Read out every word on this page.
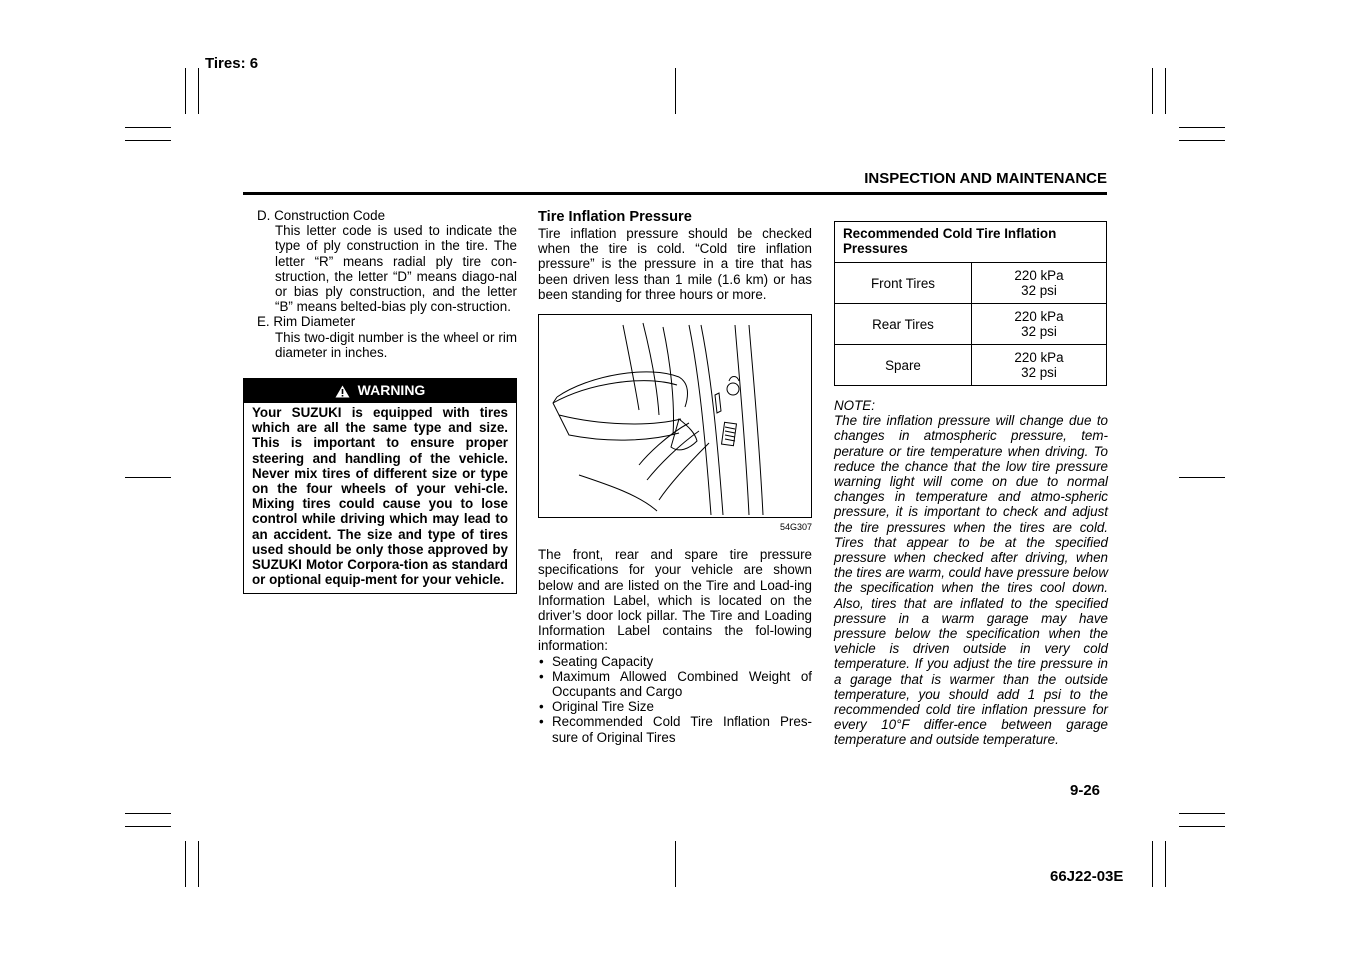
Tires: 6
INSPECTION AND MAINTENANCE
D. Construction Code
This letter code is used to indicate the type of ply construction in the tire. The letter “R” means radial ply tire con-struction, the letter “D” means diago-nal or bias ply construction, and the letter “B” means belted-bias ply con-struction.
E. Rim Diameter
This two-digit number is the wheel or rim diameter in inches.
WARNING
Your SUZUKI is equipped with tires which are all the same type and size. This is important to ensure proper steering and handling of the vehicle. Never mix tires of different size or type on the four wheels of your vehi-cle. Mixing tires could cause you to lose control while driving which may lead to an accident. The size and type of tires used should be only those approved by SUZUKI Motor Corpora-tion as standard or optional equip-ment for your vehicle.
Tire Inflation Pressure
Tire inflation pressure should be checked when the tire is cold. “Cold tire inflation pressure” is the pressure in a tire that has been driven less than 1 mile (1.6 km) or has been standing for three hours or more.
54G307
The front, rear and spare tire pressure specifications for your vehicle are shown below and are listed on the Tire and Load-ing Information Label, which is located on the driver’s door lock pillar. The Tire and Loading Information Label contains the fol-lowing information:
• Seating Capacity
• Maximum Allowed Combined Weight of Occupants and Cargo
• Original Tire Size
• Recommended Cold Tire Inflation Pres-sure of Original Tires
Recommended Cold Tire Inflation Pressures	
Front Tires	220 kPa
32 psi

Rear Tires	220 kPa
32 psi

Spare	220 kPa
32 psi
NOTE:
The tire inflation pressure will change due to changes in atmospheric pressure, tem-perature or tire temperature when driving. To reduce the chance that the low tire pressure warning light will come on due to normal changes in temperature and atmo-spheric pressure, it is important to check and adjust the tire pressures when the tires are cold. Tires that appear to be at the specified pressure when checked after driving, when the tires are warm, could have pressure below the specification when the tires cool down. Also, tires that are inflated to the specified pressure in a warm garage may have pressure below the specification when the vehicle is driven outside in very cold temperature. If you adjust the tire pressure in a garage that is warmer than the outside temperature, you should add 1 psi to the recommended cold tire inflation pressure for every 10°F differ-ence between garage temperature and outside temperature.
9-26
66J22-03E
